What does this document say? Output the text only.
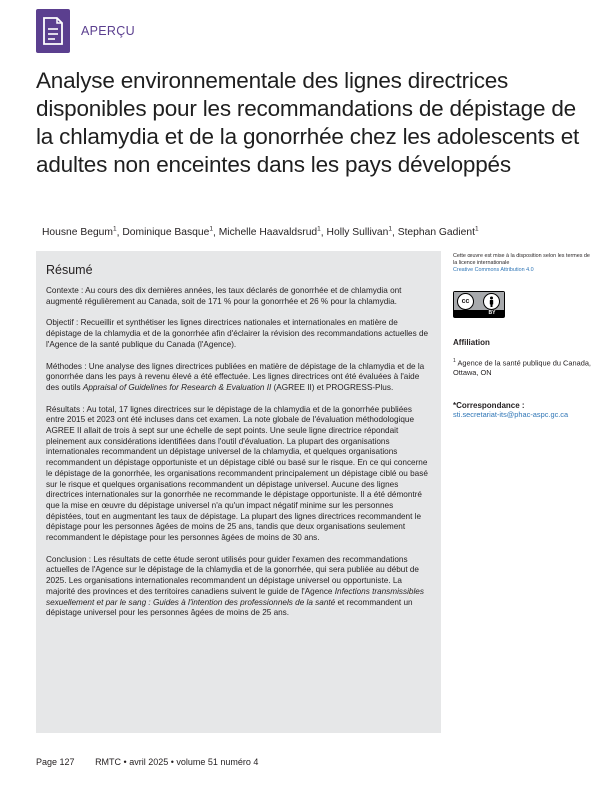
APERÇU
Analyse environnementale des lignes directrices disponibles pour les recommandations de dépistage de la chlamydia et de la gonorrhée chez les adolescents et adultes non enceintes dans les pays développés
Housne Begum$^1$, Dominique Basque$^1$, Michelle Haavaldsrud$^1$, Holly Sullivan$^1$, Stephan Gadient$^1$
Résumé

Contexte : Au cours des dix dernières années, les taux déclarés de gonorrhée et de chlamydia ont augmenté régulièrement au Canada, soit de 171 % pour la gonorrhée et 26 % pour la chlamydia.

Objectif : Recueillir et synthétiser les lignes directrices nationales et internationales en matière de dépistage de la chlamydia et de la gonorrhée afin d'éclairer la révision des recommandations actuelles de l'Agence de la santé publique du Canada (l'Agence).

Méthodes : Une analyse des lignes directrices publiées en matière de dépistage de la chlamydia et de la gonorrhée dans les pays à revenu élevé a été effectuée. Les lignes directrices ont été évaluées à l'aide des outils Appraisal of Guidelines for Research & Evaluation II (AGREE II) et PROGRESS-Plus.

Résultats : Au total, 17 lignes directrices sur le dépistage de la chlamydia et de la gonorrhée publiées entre 2015 et 2023 ont été incluses dans cet examen. La note globale de l'évaluation méthodologique AGREE II allait de trois à sept sur une échelle de sept points. Une seule ligne directrice répondait pleinement aux considérations identifiées dans l'outil d'évaluation. La plupart des organisations internationales recommandent un dépistage universel de la chlamydia, et quelques organisations recommandent un dépistage opportuniste et un dépistage ciblé ou basé sur le risque. En ce qui concerne le dépistage de la gonorrhée, les organisations recommandent principalement un dépistage ciblé ou basé sur le risque et quelques organisations recommandent un dépistage universel. Aucune des lignes directrices internationales sur la gonorrhée ne recommande le dépistage opportuniste. Il a été démontré que la mise en œuvre du dépistage universel n'a qu'un impact négatif minime sur les personnes dépistées, tout en augmentant les taux de dépistage. La plupart des lignes directrices recommandent le dépistage pour les personnes âgées de moins de 25 ans, tandis que deux organisations seulement recommandent le dépistage pour les personnes âgées de moins de 30 ans.

Conclusion : Les résultats de cette étude seront utilisés pour guider l'examen des recommandations actuelles de l'Agence sur le dépistage de la chlamydia et de la gonorrhée, qui sera publiée au début de 2025. Les organisations internationales recommandent un dépistage universel ou opportuniste. La majorité des provinces et des territoires canadiens suivent le guide de l'Agence Infections transmissibles sexuellement et par le sang : Guides à l'intention des professionnels de la santé et recommandent un dépistage universel pour les personnes âgées de moins de 25 ans.

Cette œuvre est mise à la disposition selon les termes de la licence internationale
Creative Commons Attribution 4.0
cc
BY
Affiliation
$^1$ Agence de la santé publique du Canada, Ottawa, ON
*Correspondance :
sti.secretariat-its@phac-aspc.gc.ca
Page 127 RMTC • avril 2025 • volume 51 numéro 4
